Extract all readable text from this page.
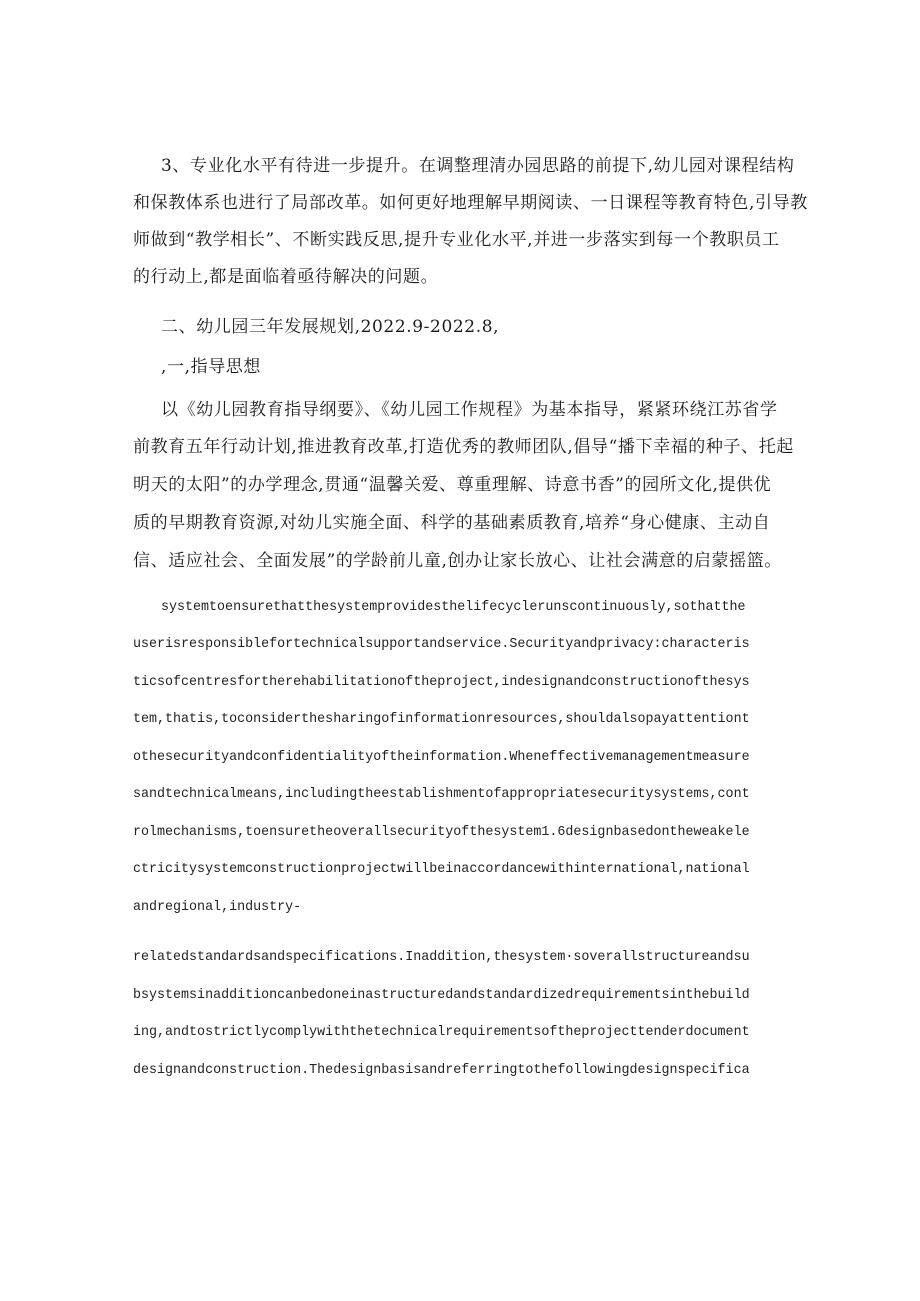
3、专业化水平有待进一步提升。在调整理清办园思路的前提下,幼儿园对课程结构
和保教体系也进行了局部改革。如何更好地理解早期阅读、一日课程等教育特色,引导教
师做到“教学相长”、不断实践反思,提升专业化水平,并进一步落实到每一个教职员工
的行动上,都是面临着亟待解决的问题。
二、幼儿园三年发展规划,2022.9-2022.8,
,一,指导思想
以《幼儿园教育指导纲要》、《幼儿园工作规程》为基本指导，紧紧环绕江苏省学
前教育五年行动计划,推进教育改革,打造优秀的教师团队,倡导“播下幸福的种子、托起
明天的太阳”的办学理念,贯通“温馨关爱、尊重理解、诗意书香”的园所文化,提供优
质的早期教育资源,对幼儿实施全面、科学的基础素质教育,培养“身心健康、主动自
信、适应社会、全面发展”的学龄前儿童,创办让家长放心、让社会满意的启蒙摇篮。
systemtoensurethatthesystemprovidesthelifecyclerunscontinuously,sothatthe
userisresponsiblefortechnicalsupportandservice.Securityandprivacy:characteris
ticsofcentresfortherehabilitationoftheproject,indesignandconstructionofthesys
tem,thatis,toconsiderthesharingofinformationresources,shouldalsopayattentiont
othesecurityandconfidentialityoftheinformation.Wheneffectivemanagementmeasure
sandtechnicalmeans,includingtheestablishmentofappropriatesecuritysystems,cont
rolmechanisms,toensuretheoverallsecurityofthesystem1.6designbasedontheweakele
ctricitysystemconstructionprojectwillbeinaccordancewithinternational,national
andregional,industry-
relatedstandardsandspecifications.Inaddition,thesystem·soverallstructureandsu
bsystemsinadditioncanbedoneinastructuredandstandardizedrequirementsinthebuild
ing,andtostrictlycomplywiththetechnicalrequirementsoftheprojecttenderdocument
designandconstruction.Thedesignbasisandreferringtothefollowingdesignspecifica
